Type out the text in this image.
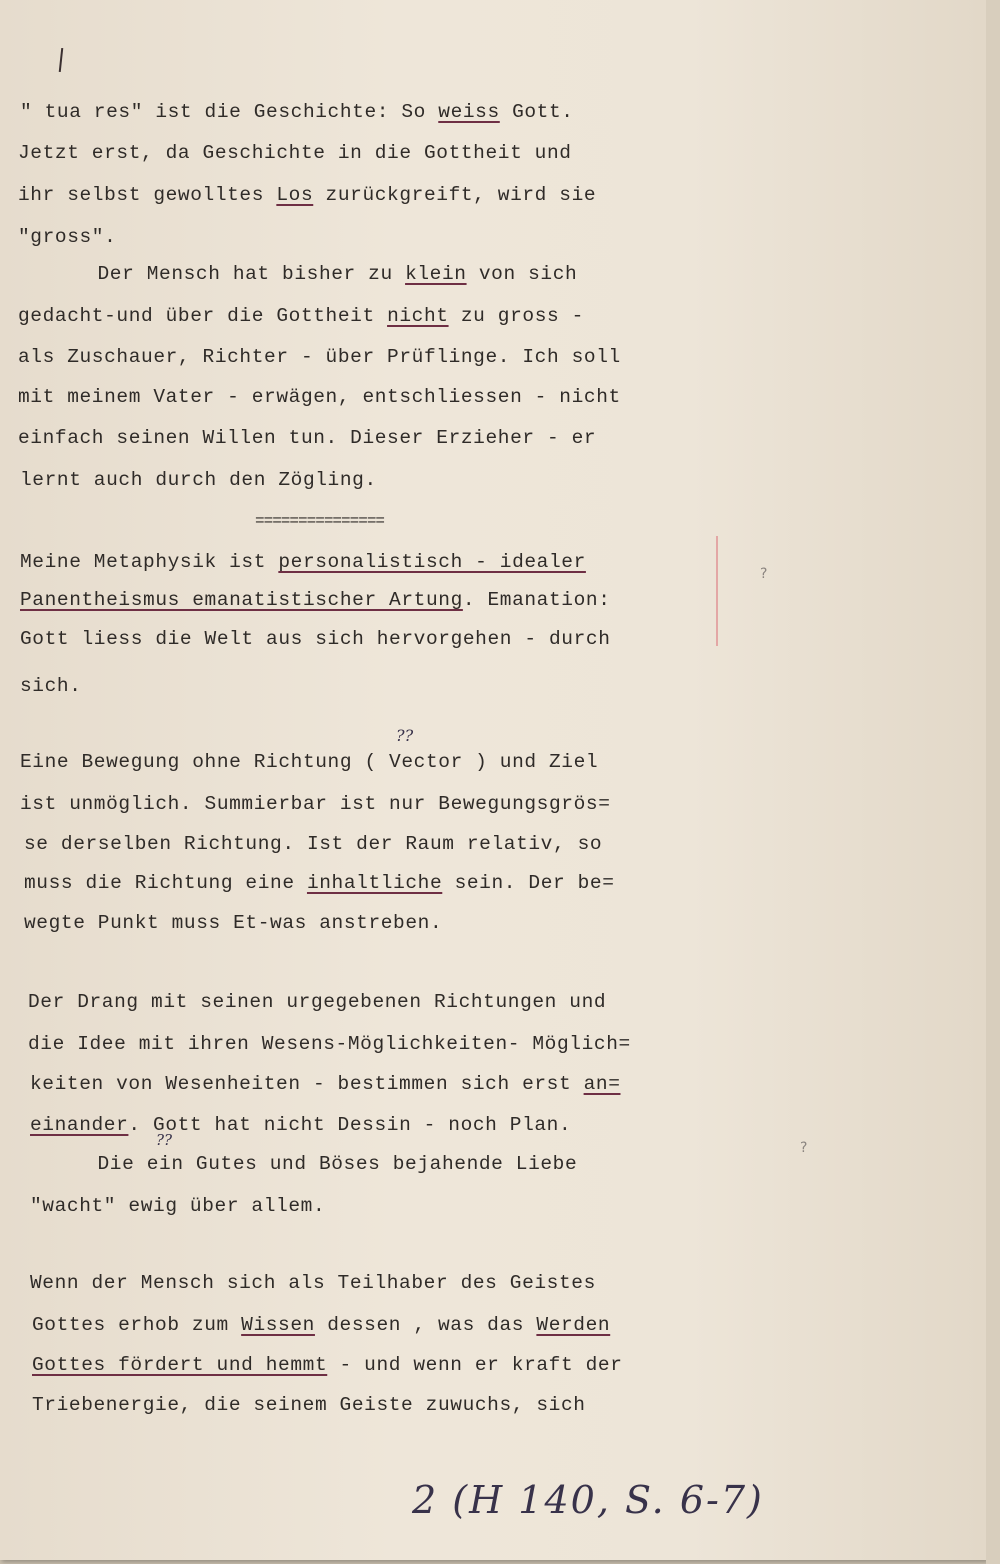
" tua res" ist die Geschichte: So weiss Gott.
Jetzt erst, da Geschichte in die Gottheit und
ihr selbst gewolltes Los zurückgreift, wird sie
"gross".
Der Mensch hat bisher zu klein von sich
gedacht-und über die Gottheit nicht zu gross -
als Zuschauer, Richter - über Prüflinge. Ich soll
mit meinem Vater - erwägen, entschliessen - nicht
einfach seinen Willen tun. Dieser Erzieher - er
lernt auch durch den Zögling.
===============
Meine Metaphysik ist personalistisch - idealer
Panentheismus emanatistischer Artung. Emanation:
Gott liess die Welt aus sich hervorgehen - durch
sich.
??
Eine Bewegung ohne Richtung ( Vector ) und Ziel
ist unmöglich. Summierbar ist nur Bewegungsgrös=
se derselben Richtung. Ist der Raum relativ, so
muss die Richtung eine inhaltliche sein. Der be=
wegte Punkt muss Et-was anstreben.
Der Drang mit seinen urgegebenen Richtungen und
die Idee mit ihren Wesens-Möglichkeiten- Möglich=
keiten von Wesenheiten - bestimmen sich erst an=
einander. Gott hat nicht Dessin - noch Plan.
??
Die ein Gutes und Böses bejahende Liebe
"wacht" ewig über allem.
Wenn der Mensch sich als Teilhaber des Geistes
Gottes erhob zum Wissen dessen , was das Werden
Gottes fördert und hemmt - und wenn er kraft der
Triebenergie, die seinem Geiste zuwuchs, sich
?
?
2 (H 140, S. 6-7)
